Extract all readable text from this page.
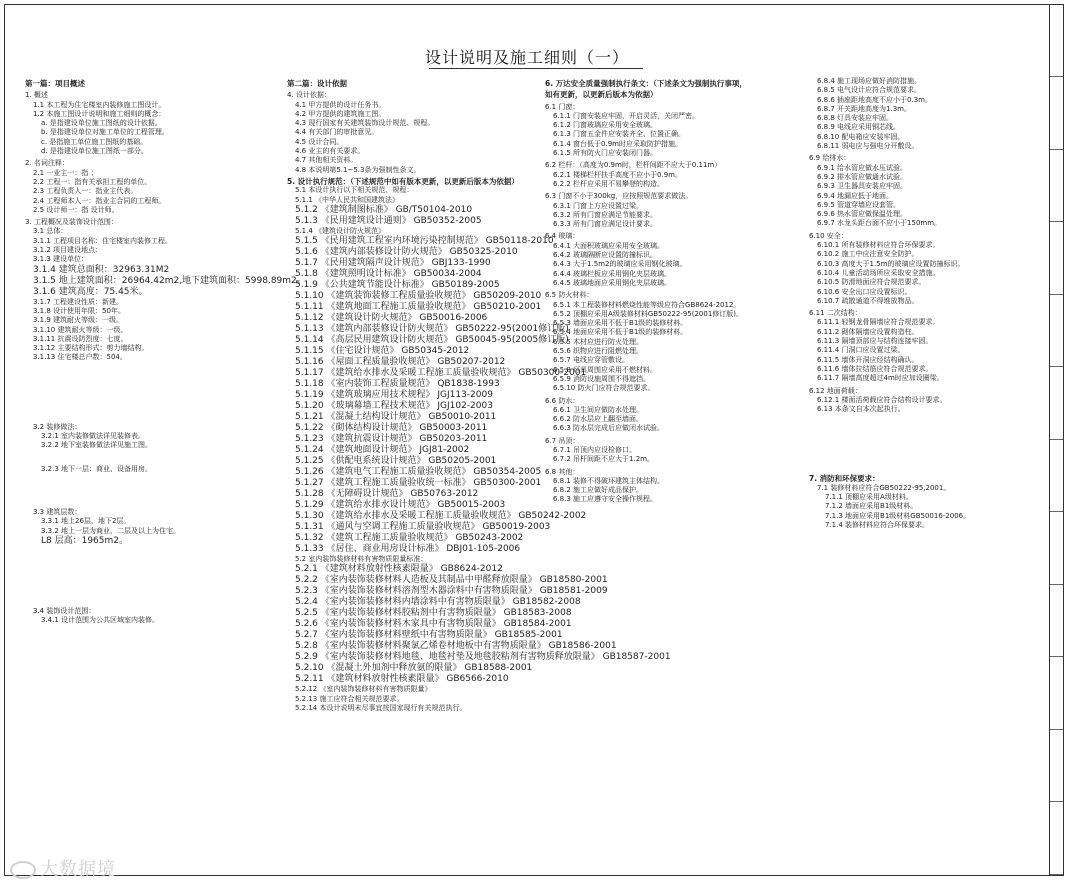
设计说明及施工细则（一）

第一篇：项目概述

1. 概述

1.1 本工程为住宅楼室内装修施工图设计。

1.2 本施工图设计说明和施工细则的概念：

a. 是指建设单位施工图纸的设计依据。

b. 是指建设单位对施工单位的工程管理。

c. 是指施工单位施工图纸的基础。

d. 是指建设单位施工图纸一部分。

2. 名词注释：

2.1 一业主一：指 ；

2.2 工程一：指有关承担工程的单位。

2.3 工程负责人一：指业主代表。

2.4 工程师本人一：指业主合同的工程师。

2.5 设计师一：指 设计师。

3. 工程概况及装饰设计范围：

3.1 总体：

3.1.1 工程项目名称：住宅楼室内装修工程。

3.1.2 项目建设地点：

3.1.3 建设单位：

3.1.4 建筑总面积：32963.31M2

3.1.5 地上建筑面积：26964.42m2,地下建筑面积：5998.89m2。

3.1.6 建筑高度：75.45米。

3.1.7 工程建设性质：新建。

3.1.8 设计使用年限：50年。

3.1.9 建筑耐火等级：一级。

3.1.10 建筑耐火等级：一级。

3.1.11 抗震设防烈度：七度。

3.1.12 主要结构形式：剪力墙结构。

3.1.13 住宅楼总户数：504。

3.2 装修做法：

3.2.1 室内装修做法详见装修表。

3.2.2 地下室装修做法详见施工图。

3.2.3 地下一层：商业、设备用房。

3.3 建筑层数：

3.3.1 地上26层，地下2层。

3.3.2 地上一层为商业，二层及以上为住宅。

L8 层高：1965m2。

3.4 装饰设计范围：

3.4.1 设计范围为公共区域室内装修。

第二篇：设计依据

4. 设计依据：

4.1 甲方提供的设计任务书。

4.2 甲方提供的建筑施工图。

4.3 现行国家有关建筑装饰设计规范、规程。

4.4 有关部门的审批意见。

4.5 设计合同。

4.6 业主的有关要求。

4.7 其他相关资料。

4.8 本说明第5.1~5.3条为强制性条文。

5. 设计执行规范：（下述规范中如有版本更新，以更新后版本为依据）

5.1 本设计执行以下相关规范、规程：

5.1.1 《中华人民共和国建筑法》

5.1.2 《建筑制图标准》 GB/T50104-2010

5.1.3 《民用建筑设计通则》 GB50352-2005

5.1.4 《建筑设计防火规范》

5.1.5 《民用建筑工程室内环境污染控制规范》 GB50118-2010

5.1.6 《建筑内部装修设计防火规范》 GB50325-2010

5.1.7 《民用建筑隔声设计规范》 GBJ133-1990

5.1.8 《建筑照明设计标准》 GB50034-2004

5.1.9 《公共建筑节能设计标准》 GB50189-2005

5.1.10 《建筑装饰装修工程质量验收规范》 GB50209-2010

5.1.11 《建筑地面工程施工质量验收规范》 GB50210-2001

5.1.12 《建筑设计防火规范》 GB50016-2006

5.1.13 《建筑内部装修设计防火规范》 GB50222-95(2001修订版)

5.1.14 《高层民用建筑设计防火规范》 GB50045-95(2005修订版)

5.1.15 《住宅设计规范》 GB50345-2012

5.1.16 《屋面工程质量验收规范》 GB50207-2012

5.1.17 《建筑给水排水及采暖工程施工质量验收规范》 GB50300-2001

5.1.18 《室内装饰工程质量规范》 QB1838-1993

5.1.19 《建筑玻璃应用技术规程》 JGJ113-2009

5.1.20 《玻璃幕墙工程技术规范》 JGJ102-2003

5.1.21 《混凝土结构设计规范》 GB50010-2011

5.1.22 《砌体结构设计规范》 GB50003-2011

5.1.23 《建筑抗震设计规范》 GB50203-2011

5.1.24 《建筑地面设计规范》 JGJ81-2002

5.1.25 《供配电系统设计规范》 GB50205-2001

5.1.26 《建筑电气工程施工质量验收规范》 GB50354-2005

5.1.27 《建筑工程施工质量验收统一标准》 GB50300-2001

5.1.28 《无障碍设计规范》 GB50763-2012

5.1.29 《建筑给水排水设计规范》 GB50015-2003

5.1.30 《建筑给水排水及采暖工程施工质量验收规范》 GB50242-2002

5.1.31 《通风与空调工程施工质量验收规范》 GB50019-2003

5.1.32 《建筑工程施工质量验收规范》 GB50243-2002

5.1.33 《居住、商业用房设计标准》 DBJ01-105-2006

5.2 室内装饰装修材料有害物质限量标准：

5.2.1 《建筑材料放射性核素限量》 GB8624-2012

5.2.2 《室内装饰装修材料人造板及其制品中甲醛释放限量》 GB18580-2001

5.2.3 《室内装饰装修材料溶剂型木器涂料中有害物质限量》 GB18581-2009

5.2.4 《室内装饰装修材料内墙涂料中有害物质限量》 GB18582-2008

5.2.5 《室内装饰装修材料胶粘剂中有害物质限量》 GB18583-2008

5.2.6 《室内装饰装修材料木家具中有害物质限量》 GB18584-2001

5.2.7 《室内装饰装修材料壁纸中有害物质限量》 GB18585-2001

5.2.8 《室内装饰装修材料聚氯乙烯卷材地板中有害物质限量》 GB18586-2001

5.2.9 《室内装饰装修材料地毯、地毯衬垫及地毯胶粘剂有害物质释放限量》 GB18587-2001

5.2.10 《混凝土外加剂中释放氨的限量》 GB18588-2001

5.2.11 《建筑材料放射性核素限量》 GB6566-2010

5.2.12 《室内装饰装修材料有害物质限量》

5.2.13 施工应符合相关规范要求。

5.2.14 本设计说明未尽事宜按国家现行有关规范执行。

6. 万达安全质量强制执行条文：（下述条文为强制执行事项，

如有更新，以更新后版本为依据）

6.1 门窗：

6.1.1 门窗安装应牢固，开启灵活，关闭严密。

6.1.2 门窗玻璃应采用安全玻璃。

6.1.3 门窗五金件应安装齐全、位置正确。

6.1.4 窗台低于0.9m时应采取防护措施。

6.1.5 所有防火门应安装闭门器。

6.2 栏杆：（高度为0.9m时，栏杆间距不应大于0.11m）

6.2.1 楼梯栏杆扶手高度不应小于0.9m。

6.2.2 栏杆应采用不易攀登的构造。

6.3 门窗不小于300kg，应按照规范要求做法。

6.3.1 门窗上方应设置过梁。

6.3.2 所有门窗应满足节能要求。

6.3.3 所有门窗应满足设计要求。

6.4 玻璃：

6.4.1 大面积玻璃应采用安全玻璃。

6.4.2 玻璃隔断应设置防撞标识。

6.4.3 大于1.5m2的玻璃应采用钢化玻璃。

6.4.4 玻璃栏板应采用钢化夹层玻璃。

6.4.5 玻璃地面应采用钢化夹层玻璃。

6.5 防火材料：

6.5.1 本工程装修材料燃烧性能等级应符合GB8624-2012。

6.5.2 顶棚应采用A级装修材料GB50222-95(2001修订版)。

6.5.3 墙面应采用不低于B1级的装修材料。

6.5.4 地面应采用不低于B1级的装修材料。

6.5.5 木材应进行防火处理。

6.5.6 织物应进行阻燃处理。

6.5.7 电线应穿管敷设。

6.5.8 灯具周围应采用不燃材料。

6.5.9 消防设施周围不得遮挡。

6.5.10 防火门应符合规范要求。

6.6 防水：

6.6.1 卫生间应做防水处理。

6.6.2 防水层应上翻至墙面。

6.6.3 防水层完成后应做闭水试验。

6.7 吊顶：

6.7.1 吊顶内应设检修口。

6.7.2 吊杆间距不应大于1.2m。

6.8 其他：

6.8.1 装修不得破坏建筑主体结构。

6.8.2 施工应做好成品保护。

6.8.3 施工应遵守安全操作规程。

6.8.4 施工现场应做好消防措施。

6.8.5 电气设计应符合规范要求。

6.8.6 插座距地高度不应小于0.3m。

6.8.7 开关距地高度为1.3m。

6.8.8 灯具安装应牢固。

6.8.9 电线应采用铜芯线。

6.8.10 配电箱应安装牢固。

6.8.11 弱电应与强电分开敷设。

6.9 给排水：

6.9.1 给水管应做水压试验。

6.9.2 排水管应做通水试验。

6.9.3 卫生器具安装应牢固。

6.9.4 地漏应低于地面。

6.9.5 管道穿墙应设套管。

6.9.6 热水管应做保温处理。

6.9.7 水龙头距台面不应小于150mm。

6.10 安全：

6.10.1 所有装修材料应符合环保要求。

6.10.2 施工中应注意安全防护。

6.10.3 高度大于1.5m的玻璃应设置防撞标识。

6.10.4 儿童活动场所应采取安全措施。

6.10.5 防滑地面应符合规范要求。

6.10.6 安全出口应设置标识。

6.10.7 疏散通道不得堆放物品。

6.11 二次结构：

6.11.1 轻钢龙骨隔墙应符合规范要求。

6.11.2 砌体隔墙应设置构造柱。

6.11.3 隔墙顶部应与结构连接牢固。

6.11.4 门洞口应设置过梁。

6.11.5 墙体开洞应经结构确认。

6.11.6 墙体拉结筋应符合规范要求。

6.11.7 隔墙高度超过4m时应加设圈梁。

6.12 地面荷载：

6.12.1 楼面活荷载应符合结构设计要求。

6.13 本条文自本次起执行。

7. 消防和环保要求：

7.1 装修材料应符合GB50222-95,2001。

7.1.1 顶棚应采用A级材料。

7.1.2 墙面应采用B1级材料。

7.1.3 地面应采用B1级材料GB50016-2006。

7.1.4 装修材料应符合环保要求。

大数据境
